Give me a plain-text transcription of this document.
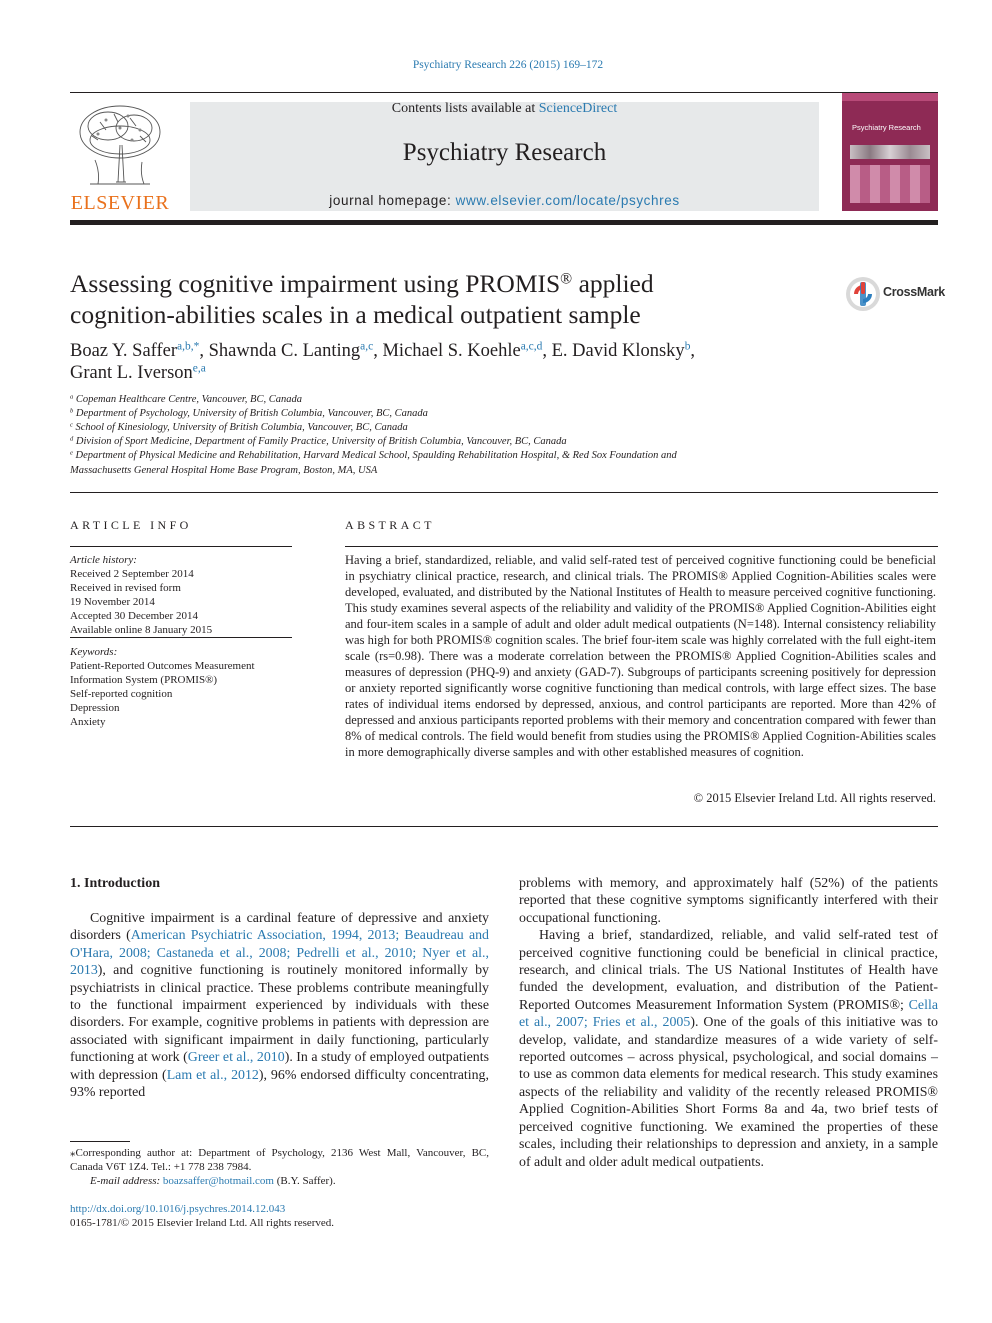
Psychiatry Research 226 (2015) 169–172
ELSEVIER
Contents lists available at ScienceDirect
Psychiatry Research
journal homepage: www.elsevier.com/locate/psychres
Psychiatry Research
Assessing cognitive impairment using PROMIS® applied
cognition-abilities scales in a medical outpatient sample
CrossMark
Boaz Y. Saffer$^{a,b,*}$, Shawnda C. Lanting$^{a,c}$, Michael S. Koehle$^{a,c,d}$, E. David Klonsky$^b$,
Grant L. Iverson$^{e,a}$
$^a$ Copeman Healthcare Centre, Vancouver, BC, Canada
$^b$ Department of Psychology, University of British Columbia, Vancouver, BC, Canada
$^c$ School of Kinesiology, University of British Columbia, Vancouver, BC, Canada
$^d$ Division of Sport Medicine, Department of Family Practice, University of British Columbia, Vancouver, BC, Canada
$^e$ Department of Physical Medicine and Rehabilitation, Harvard Medical School, Spaulding Rehabilitation Hospital, & Red Sox Foundation and
Massachusetts General Hospital Home Base Program, Boston, MA, USA
ARTICLE INFO
Article history:
Received 2 September 2014
Received in revised form
19 November 2014
Accepted 30 December 2014
Available online 8 January 2015
Keywords:
Patient-Reported Outcomes Measurement
Information System (PROMIS®)
Self-reported cognition
Depression
Anxiety
ABSTRACT
Having a brief, standardized, reliable, and valid self-rated test of perceived cognitive functioning could be beneficial in psychiatry clinical practice, research, and clinical trials. The PROMIS® Applied Cognition-Abilities scales were developed, evaluated, and distributed by the National Institutes of Health to measure perceived cognitive functioning. This study examines several aspects of the reliability and validity of the PROMIS® Applied Cognition-Abilities eight and four-item scales in a sample of adult and older adult medical outpatients (N=148). Internal consistency reliability was high for both PROMIS® cognition scales. The brief four-item scale was highly correlated with the full eight-item scale (rs=0.98). There was a moderate correlation between the PROMIS® Applied Cognition-Abilities scales and measures of depression (PHQ-9) and anxiety (GAD-7). Subgroups of participants screening positively for depression or anxiety reported significantly worse cognitive functioning than medical controls, with large effect sizes. The base rates of individual items endorsed by depressed, anxious, and control participants are reported. More than 42% of depressed and anxious participants reported problems with their memory and concentration compared with fewer than 8% of medical controls. The field would benefit from studies using the PROMIS® Applied Cognition-Abilities scales in more demographically diverse samples and with other established measures of cognition.
© 2015 Elsevier Ireland Ltd. All rights reserved.
1. Introduction

Cognitive impairment is a cardinal feature of depressive and anxiety disorders (American Psychiatric Association, 1994, 2013; Beaudreau and O'Hara, 2008; Castaneda et al., 2008; Pedrelli et al., 2010; Nyer et al., 2013), and cognitive functioning is routinely monitored informally by psychiatrists in clinical practice. These problems contribute meaningfully to the functional impairment experienced by individuals with these disorders. For example, cognitive problems in patients with depression are associated with significant impairment in daily functioning, particularly functioning at work (Greer et al., 2010). In a study of employed outpatients with depression (Lam et al., 2012), 96% endorsed difficulty concentrating, 93% reported

problems with memory, and approximately half (52%) of the patients reported that these cognitive symptoms significantly interfered with their occupational functioning.

Having a brief, standardized, reliable, and valid self-rated test of perceived cognitive functioning could be beneficial in clinical practice, research, and clinical trials. The US National Institutes of Health have funded the development, evaluation, and distribution of the Patient-Reported Outcomes Measurement Information System (PROMIS®; Cella et al., 2007; Fries et al., 2005). One of the goals of this initiative was to develop, validate, and standardize measures of a wide variety of self-reported outcomes – across physical, psychological, and social domains – to use as common data elements for medical research. This study examines aspects of the reliability and validity of the recently released PROMIS® Applied Cognition-Abilities Short Forms 8a and 4a, two brief tests of perceived cognitive functioning. We examined the properties of these scales, including their relationships to depression and anxiety, in a sample of adult and older adult medical outpatients.

⁎Corresponding author at: Department of Psychology, 2136 West Mall, Vancouver, BC, Canada V6T 1Z4. Tel.: +1 778 238 7984.
E-mail address: boazsaffer@hotmail.com (B.Y. Saffer).
http://dx.doi.org/10.1016/j.psychres.2014.12.043
0165-1781/© 2015 Elsevier Ireland Ltd. All rights reserved.
